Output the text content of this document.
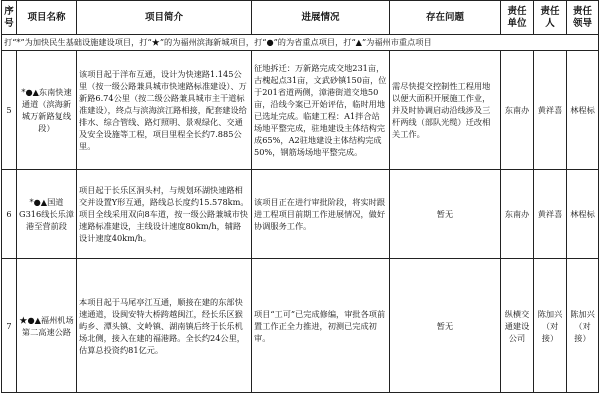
序号	项目名称	项目简介	进展情况	存在问题	责任单位	责任人	责任领导
打“*”为加快民生基础设施建设项目，打“★”的为福州滨海新城项目，打“●”的为省重点项目，打“▲”为福州市重点项目							
5	*●▲东南快速通道（滨海新城万新路复线段）	该项目起于洋布互通，设计为快速路1.145公里（按一级公路兼具城市快速路标准建设）、万新路6.74公里（按二级公路兼具城市主干道标准建设），终点与滨海滨江路相接，配套建设给排水、综合管线、路灯照明、景观绿化、交通及安全设施等工程，项目里程全长约7.885公里。	征地拆迁：万新路完成交地231亩，古槐起点31亩，文武砂镇150亩，位于201省道两侧，漳港街道交地50亩，沿线今案已开始评估，临时用地已选址完成。临建工程：A1拌合站场地平整完成，驻地建设主体结构完成65%，A2驻地建设主体结构完成50%，钢筋场场地平整完成。	需尽快提交控制性工程用地以便大面积开展施工作业，并及时协调启动沿线涉及三杆两线（部队光缆）迁改相关工作。	东南办	黄祥喜	林程标
6	*●▲国道G316线长乐漳港至营前段	项目起于长乐区洞头村，与规划环湖快速路相交并设置Y形互通，路线总长度约15.578km。项目全线采用双向8车道，按一级公路兼城市快速路标准建设，主线设计速度80km/h，辅路设计速度40km/h。	该项目正在进行审批阶段，将实时跟进工程项目前期工作进展情况，做好协调服务工作。	暂无	东南办	黄祥喜	林程标
7	★●▲福州机场第二高速公路	本项目起于马尾亭江互通，顺接在建的东部快速通道，设闽安特大桥跨越闽江，经长乐区猴屿乡、潭头镇、文岭镇、湖南镇后终于长乐机场北侧，接入在建的福港路。全长约24公里，估算总投资约81亿元。	项目“工可”已完成修编，审批各项前置工作正全力推进，初测已完成初审。	暂无	纵横交通建设公司	陈加兴（对接）	陈加兴（对接）
